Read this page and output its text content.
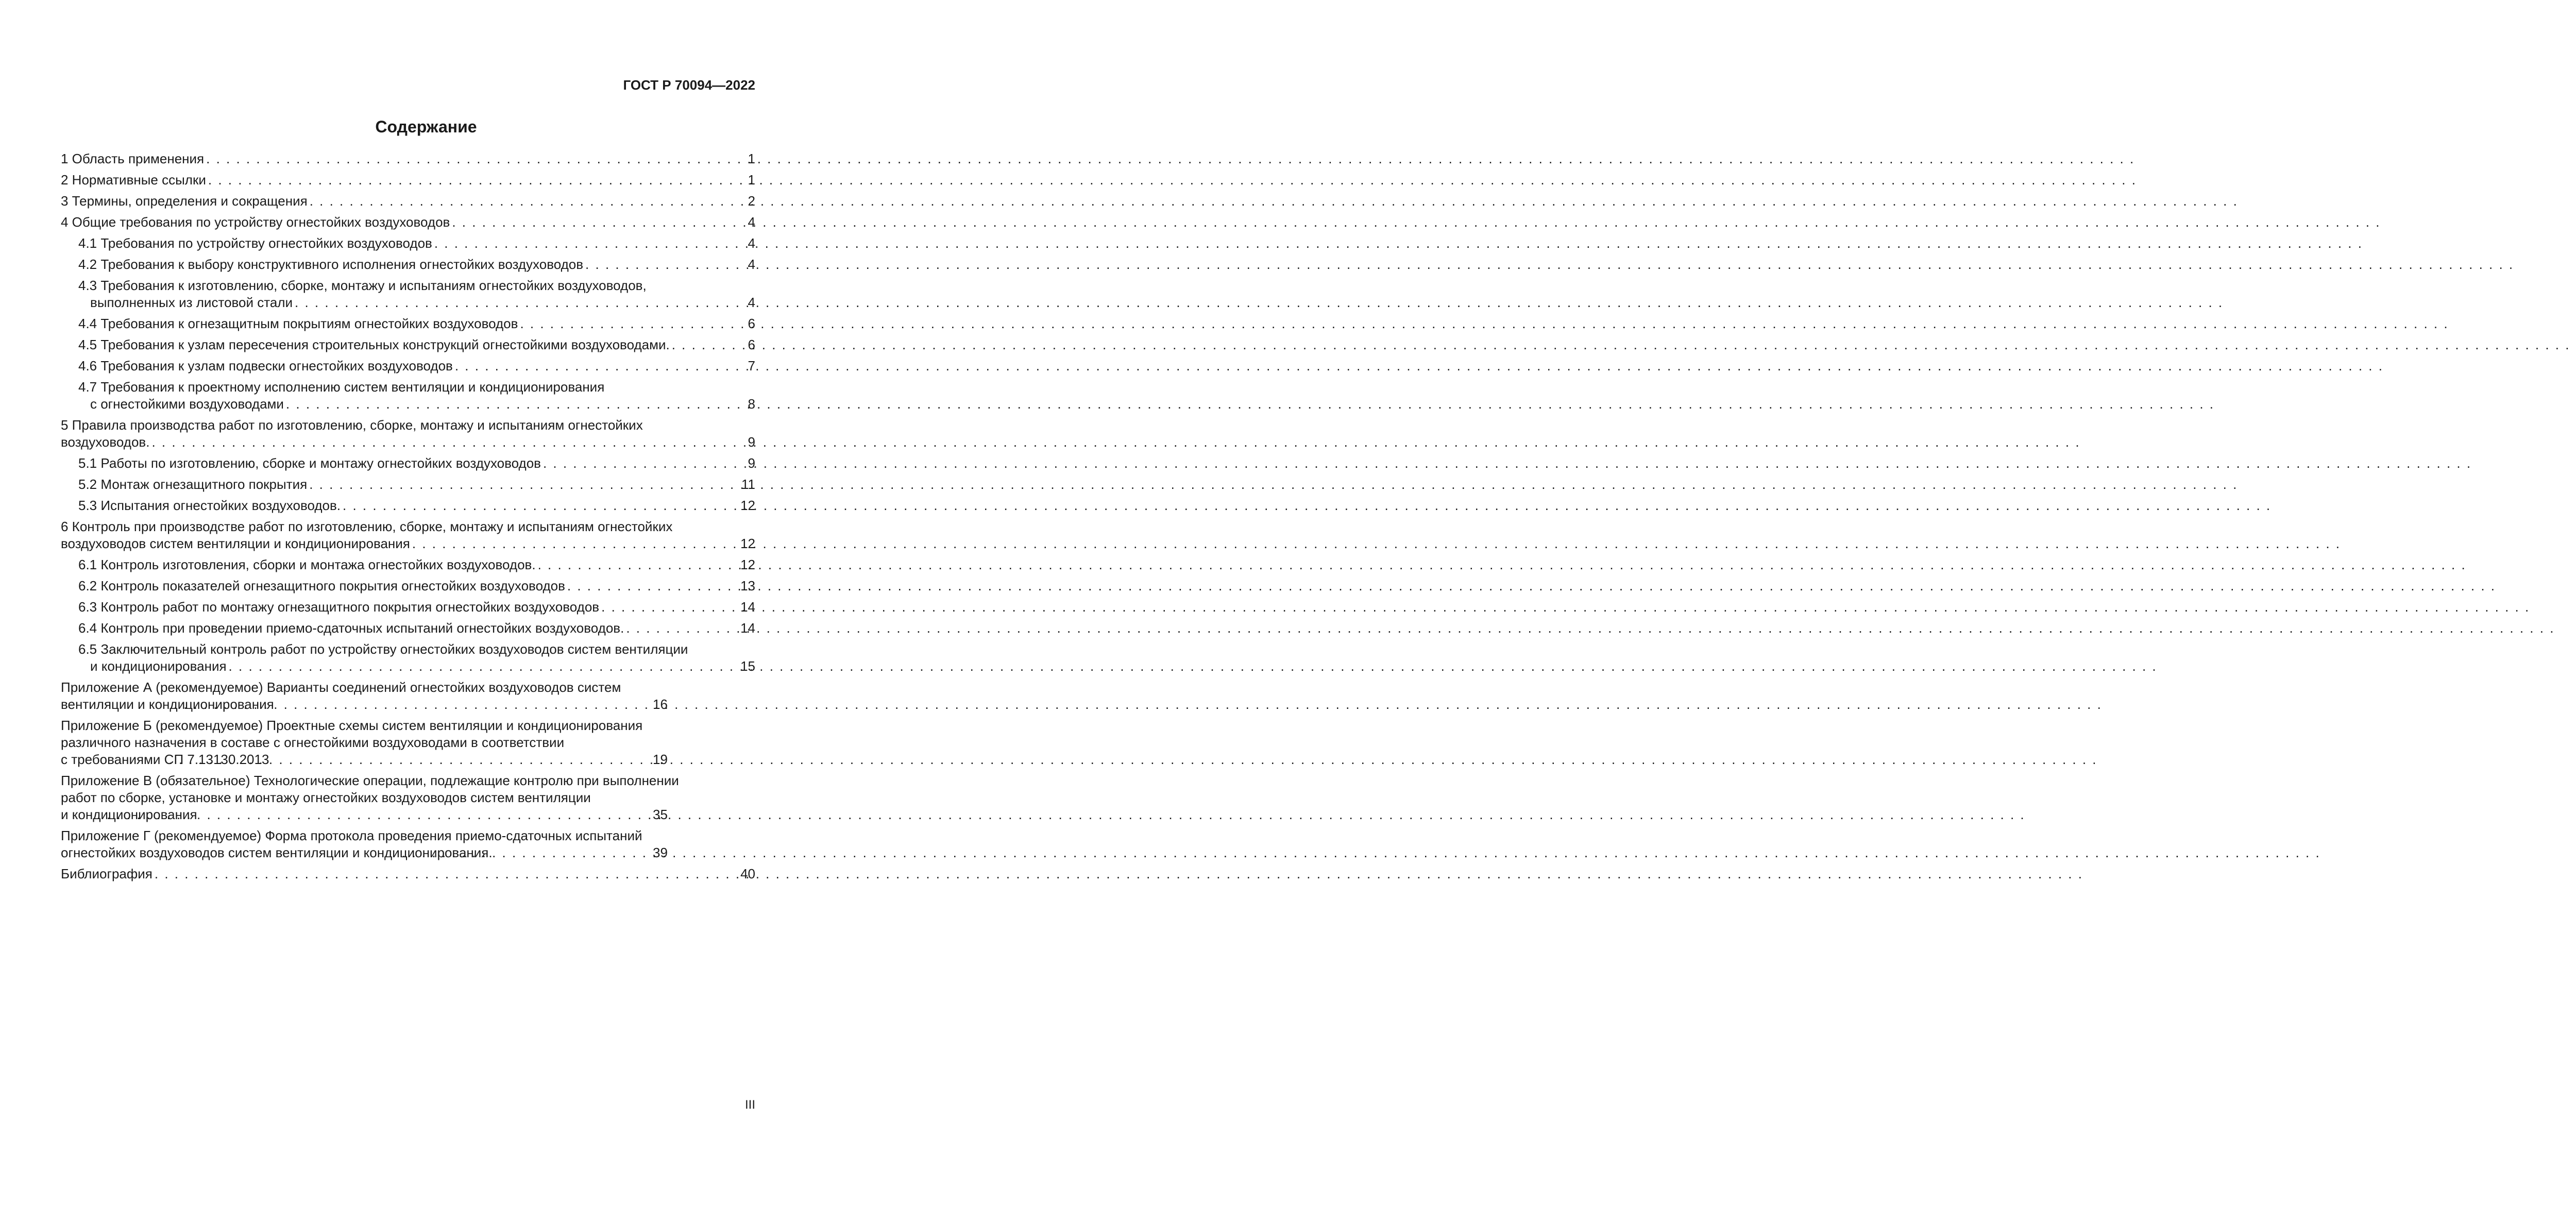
ГОСТ Р 70094—2022
Содержание
1 Область применения . . .	1
2 Нормативные ссылки . . .	1
3 Термины, определения и сокращения . . .	2
4 Общие требования по устройству огнестойких воздуховодов . . .	4
4.1 Требования по устройству огнестойких воздуховодов . . .	4
4.2 Требования к выбору конструктивного исполнения огнестойких воздуховодов . . .	4
4.3 Требования к изготовлению, сборке, монтажу и испытаниям огнестойких воздуховодов,
выполненных из листовой стали . . .	4
4.4 Требования к огнезащитным покрытиям огнестойких воздуховодов . . .	6
4.5 Требования к узлам пересечения строительных конструкций огнестойкими воздуховодами. . . .	6
4.6 Требования к узлам подвески огнестойких воздуховодов . . .	7
4.7 Требования к проектному исполнению систем вентиляции и кондиционирования
с огнестойкими воздуховодами . . .	8
5 Правила производства работ по изготовлению, сборке, монтажу и испытаниям огнестойких
воздуховодов. . . .	9
5.1 Работы по изготовлению, сборке и монтажу огнестойких воздуховодов . . .	9
5.2 Монтаж огнезащитного покрытия . . .	11
5.3 Испытания огнестойких воздуховодов. . . .	12
6 Контроль при производстве работ по изготовлению, сборке, монтажу и испытаниям огнестойких
воздуховодов систем вентиляции и кондиционирования . . .	12
6.1 Контроль изготовления, сборки и монтажа огнестойких воздуховодов. . . .	12
6.2 Контроль показателей огнезащитного покрытия огнестойких воздуховодов . . .	13
6.3 Контроль работ по монтажу огнезащитного покрытия огнестойких воздуховодов . . .	14
6.4 Контроль при проведении приемо-сдаточных испытаний огнестойких воздуховодов. . . .	14
6.5 Заключительный контроль работ по устройству огнестойких воздуховодов систем вентиляции
и кондиционирования . . .	15
Приложение А (рекомендуемое) Варианты соединений огнестойких воздуховодов систем
вентиляции и кондиционирования . . .	16
Приложение Б (рекомендуемое) Проектные схемы систем вентиляции и кондиционирования
различного назначения в составе с огнестойкими воздуховодами в соответствии
с требованиями СП 7.13130.2013 . . .	19
Приложение В (обязательное) Технологические операции, подлежащие контролю при выполнении
работ по сборке, установке и монтажу огнестойких воздуховодов систем вентиляции
и кондиционирования . . .	35
Приложение Г (рекомендуемое) Форма протокола проведения приемо-сдаточных испытаний
огнестойких воздуховодов систем вентиляции и кондиционирования. . . .	39
Библиография . . .	40
III
